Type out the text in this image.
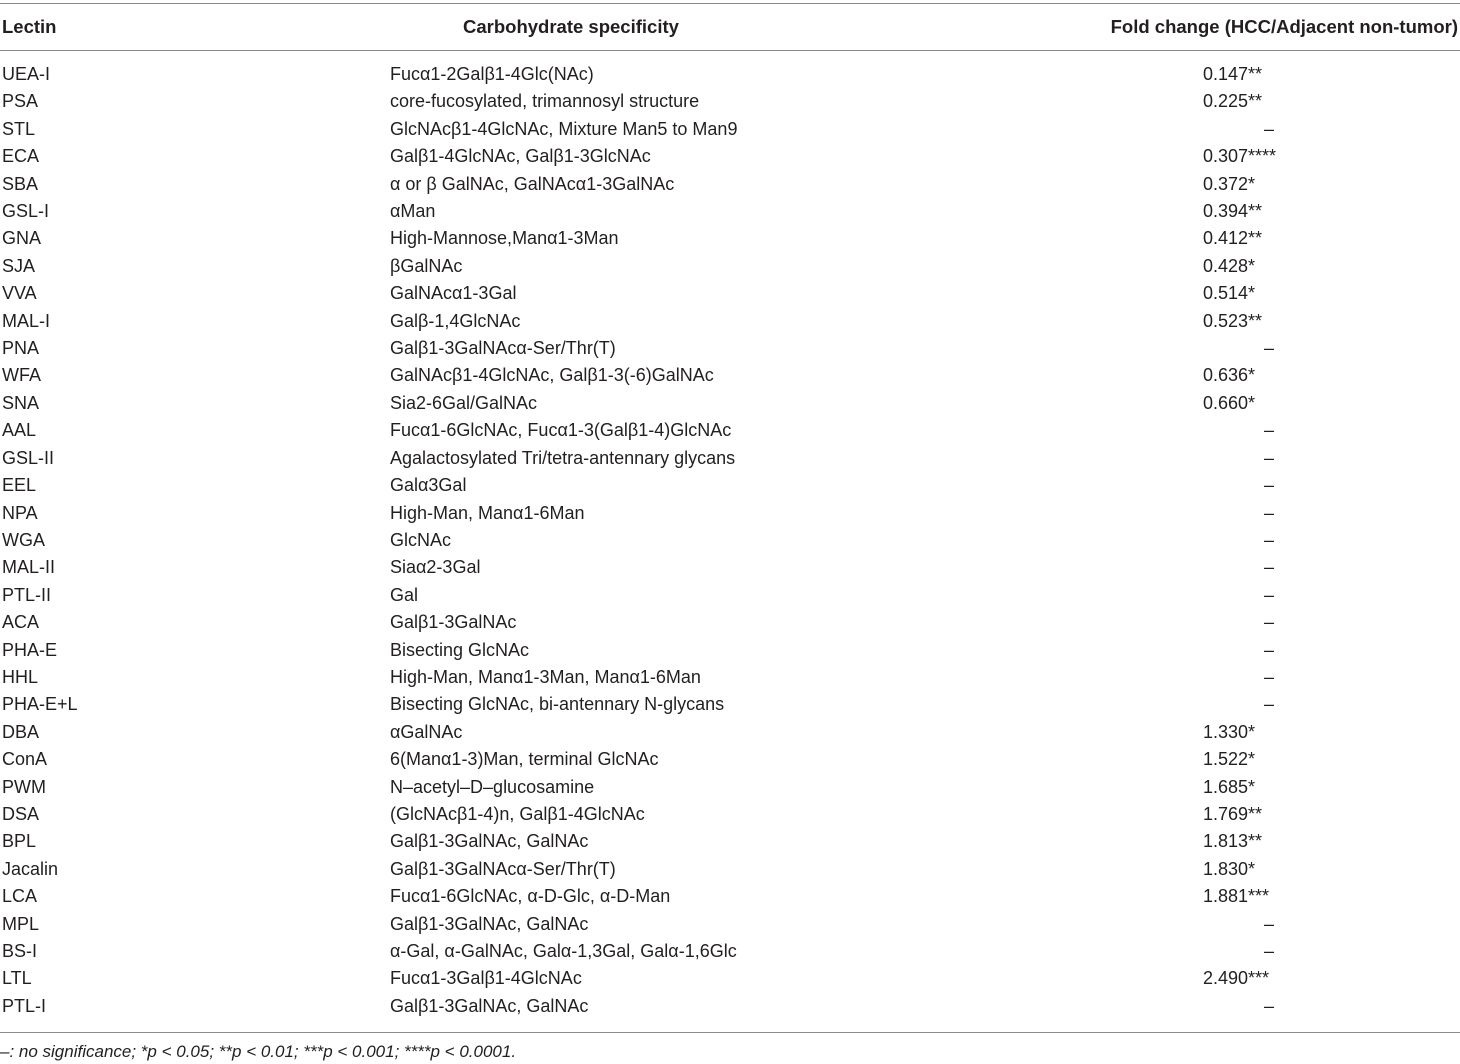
Lectin	Carbohydrate specificity	Fold change (HCC/Adjacent non-tumor)
UEA-I	Fucα1-2Galβ1-4Glc(NAc)	0.147**
PSA	core-fucosylated, trimannosyl structure	0.225**
STL	GlcNAcβ1-4GlcNAc, Mixture Man5 to Man9	–
ECA	Galβ1-4GlcNAc, Galβ1-3GlcNAc	0.307****
SBA	α or β GalNAc, GalNAcα1-3GalNAc	0.372*
GSL-I	αMan	0.394**
GNA	High-Mannose,Manα1-3Man	0.412**
SJA	βGalNAc	0.428*
VVA	GalNAcα1-3Gal	0.514*
MAL-I	Galβ-1,4GlcNAc	0.523**
PNA	Galβ1-3GalNAcα-Ser/Thr(T)	–
WFA	GalNAcβ1-4GlcNAc, Galβ1-3(-6)GalNAc	0.636*
SNA	Sia2-6Gal/GalNAc	0.660*
AAL	Fucα1-6GlcNAc, Fucα1-3(Galβ1-4)GlcNAc	–
GSL-II	Agalactosylated Tri/tetra-antennary glycans	–
EEL	Galα3Gal	–
NPA	High-Man, Manα1-6Man	–
WGA	GlcNAc	–
MAL-II	Siaα2-3Gal	–
PTL-II	Gal	–
ACA	Galβ1-3GalNAc	–
PHA-E	Bisecting GlcNAc	–
HHL	High-Man, Manα1-3Man, Manα1-6Man	–
PHA-E+L	Bisecting GlcNAc, bi-antennary N-glycans	–
DBA	αGalNAc	1.330*
ConA	6(Manα1-3)Man, terminal GlcNAc	1.522*
PWM	N–acetyl–D–glucosamine	1.685*
DSA	(GlcNAcβ1-4)n, Galβ1-4GlcNAc	1.769**
BPL	Galβ1-3GalNAc, GalNAc	1.813**
Jacalin	Galβ1-3GalNAcα-Ser/Thr(T)	1.830*
LCA	Fucα1-6GlcNAc, α-D-Glc, α-D-Man	1.881***
MPL	Galβ1-3GalNAc, GalNAc	–
BS-I	α-Gal, α-GalNAc, Galα-1,3Gal, Galα-1,6Glc	–
LTL	Fucα1-3Galβ1-4GlcNAc	2.490***
PTL-I	Galβ1-3GalNAc, GalNAc	–
–: no significance; *p < 0.05; **p < 0.01; ***p < 0.001; ****p < 0.0001.
